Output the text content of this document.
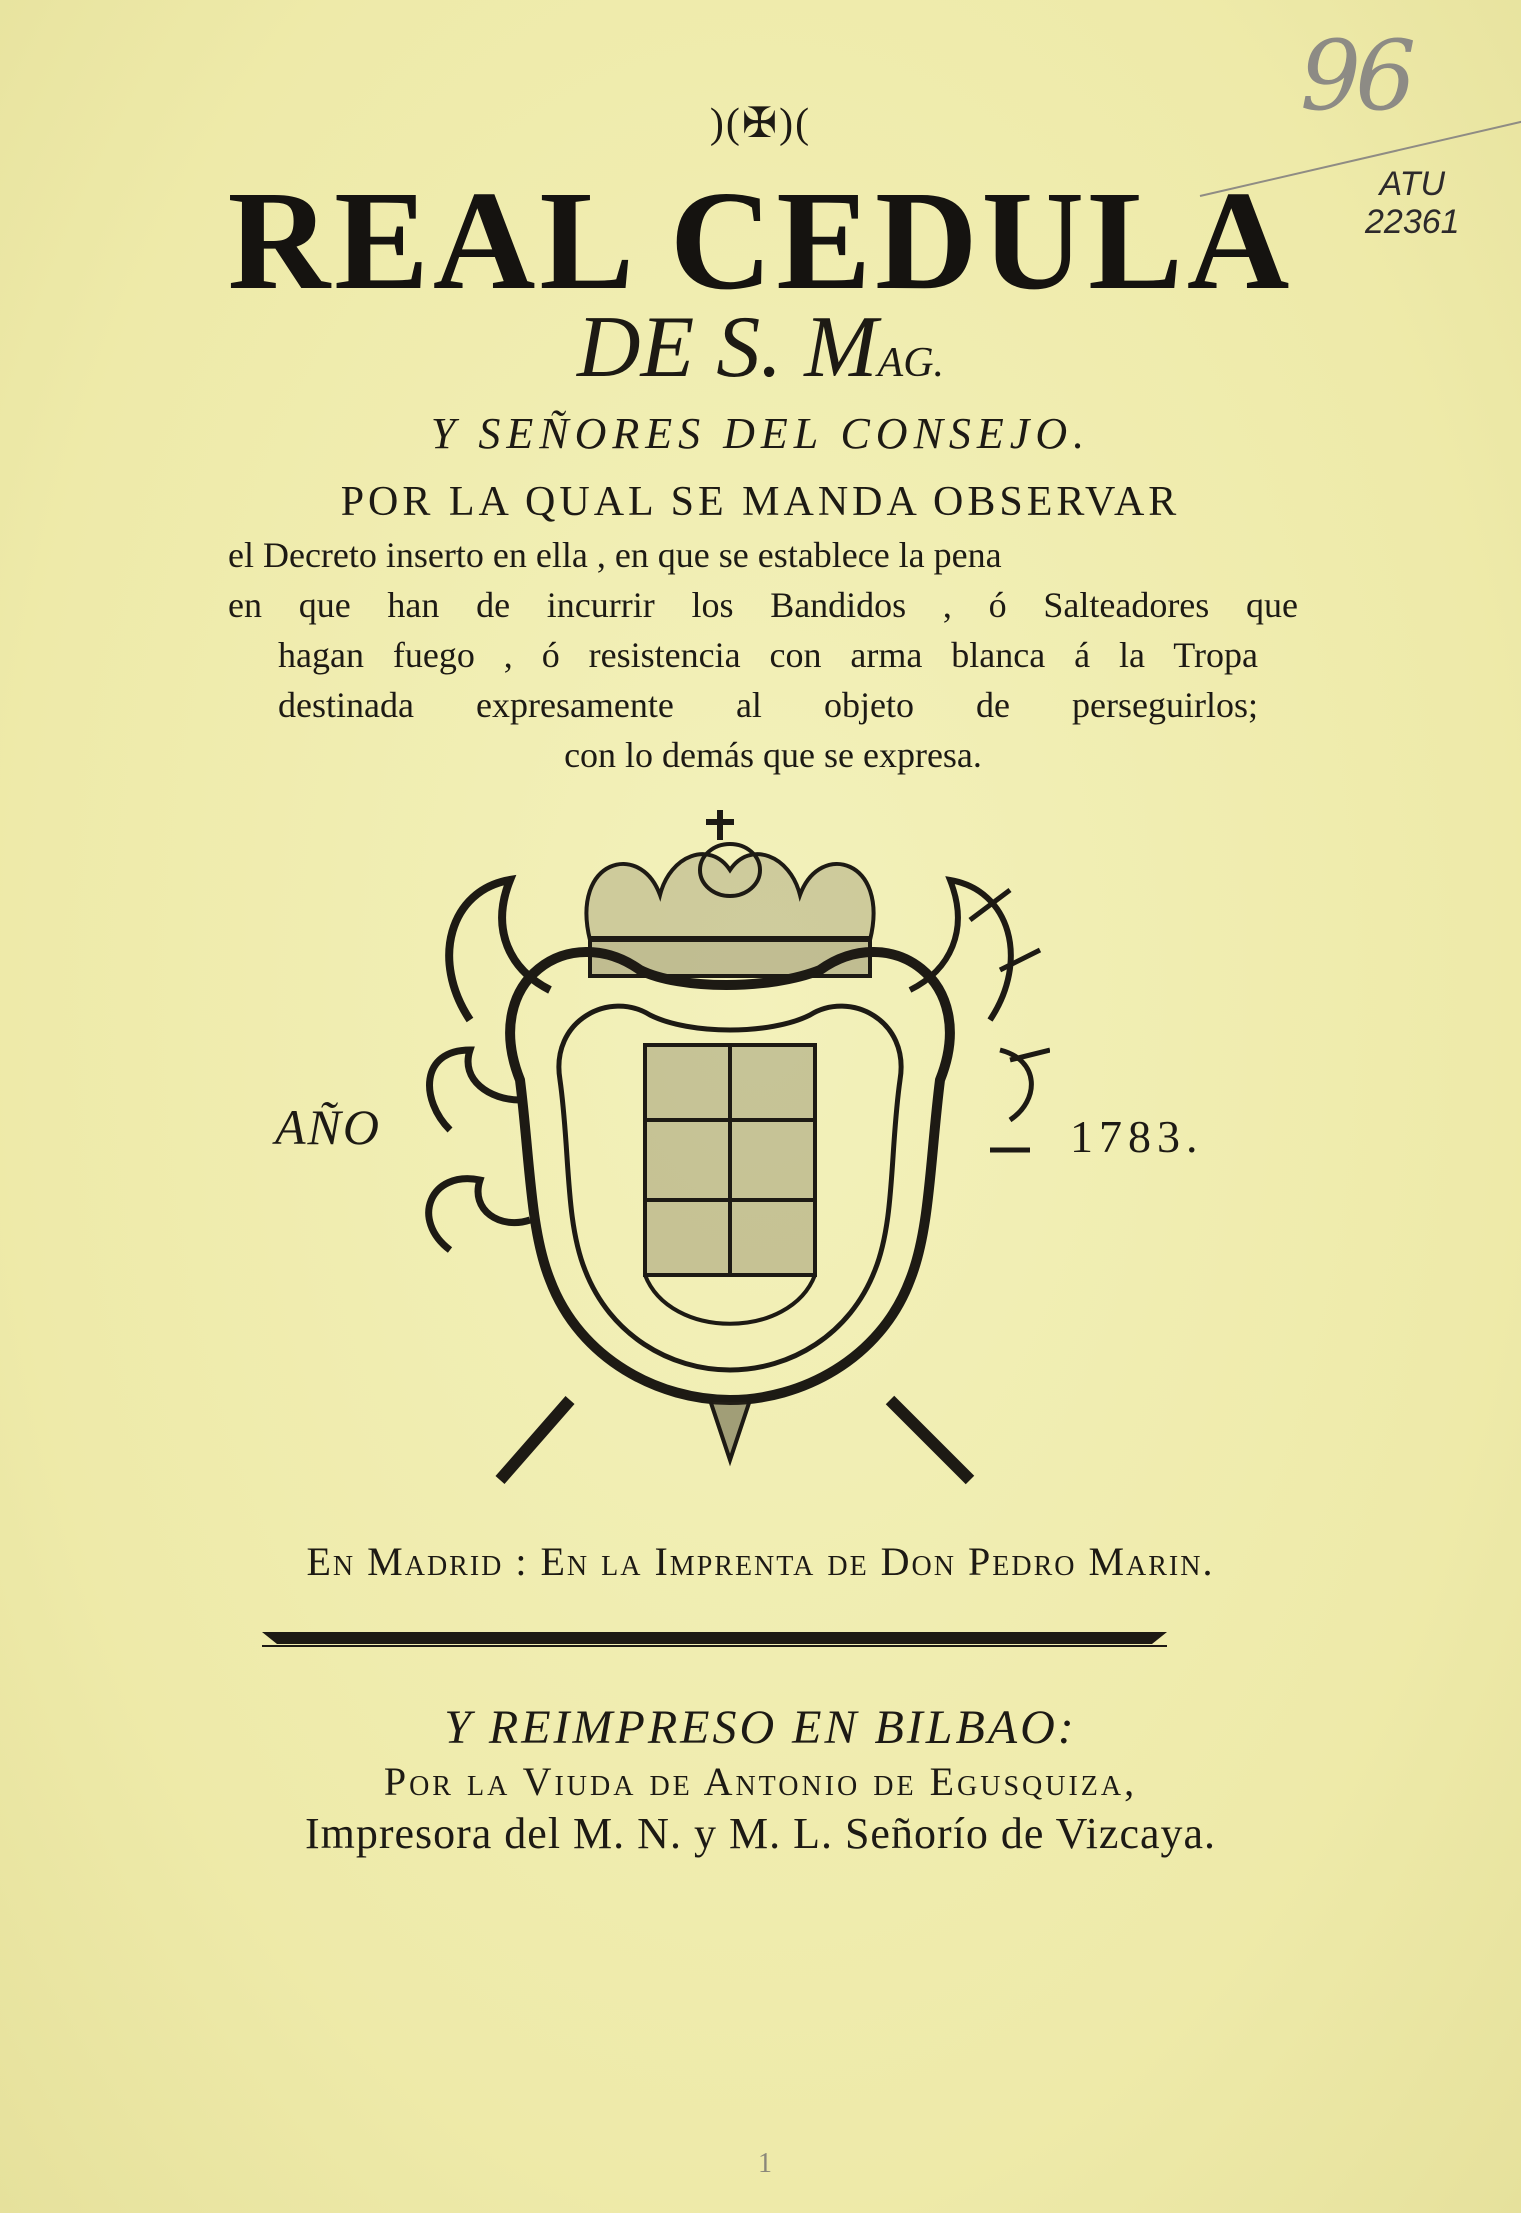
96
ATU
22361
)(✠)(
REAL CEDULA
DE S. MAG.
Y SEÑORES DEL CONSEJO.
POR LA QUAL SE MANDA OBSERVAR
el Decreto inserto en ella , en que se establece la pena
en que han de incurrir los Bandidos , ó Salteadores que
hagan fuego , ó resistencia con arma blanca á la Tropa
destinada expresamente al objeto de perseguirlos;
con lo demás que se expresa.
AÑO	1783.
En Madrid : En la Imprenta de Don Pedro Marin.
Y REIMPRESO EN BILBAO:
Por la Viuda de Antonio de Egusquiza,
Impresora del M. N. y M. L. Señorío de Vizcaya.
1
